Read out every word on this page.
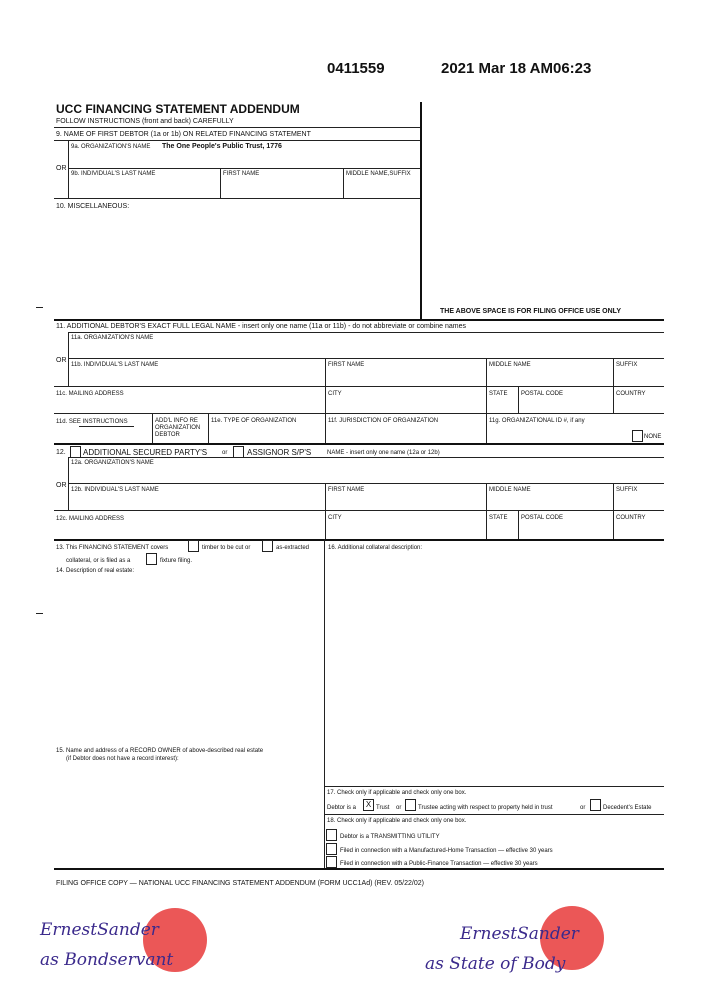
0411559	2021 Mar 18 AM06:23
UCC FINANCING STATEMENT ADDENDUM
FOLLOW INSTRUCTIONS (front and back) CAREFULLY
9. NAME OF FIRST DEBTOR (1a or 1b) ON RELATED FINANCING STATEMENT
9a. ORGANIZATION'S NAME The One People's Public Trust, 1776
OR
9b. INDIVIDUAL'S LAST NAME	FIRST NAME	MIDDLE NAME,SUFFIX
10. MISCELLANEOUS:
THE ABOVE SPACE IS FOR FILING OFFICE USE ONLY
11. ADDITIONAL DEBTOR'S EXACT FULL LEGAL NAME - insert only one name (11a or 11b) - do not abbreviate or combine names
11a. ORGANIZATION'S NAME
OR
11b. INDIVIDUAL'S LAST NAME	FIRST NAME	MIDDLE NAME	SUFFIX
11c. MAILING ADDRESS	CITY	STATE POSTAL CODE	COUNTRY
11d. SEE INSTRUCTIONS	ADD'L INFO RE
ORGANIZATION
DEBTOR
11e. TYPE OF ORGANIZATION	11f. JURISDICTION OF ORGANIZATION	11g. ORGANIZATIONAL ID #, if any
NONE
12. ADDITIONAL SECURED PARTY'S or ASSIGNOR S/P'S	NAME - insert only one name (12a or 12b)
12a. ORGANIZATION'S NAME
OR
12b. INDIVIDUAL'S LAST NAME	FIRST NAME	MIDDLE NAME	SUFFIX
12c. MAILING ADDRESS	CITY	STATE POSTAL CODE	COUNTRY
13. This FINANCING STATEMENT covers	timber to be cut or	as-extracted
collateral, or is filed as a	fixture filing.
14. Description of real estate:
15. Name and address of a RECORD OWNER of above-described real estate
(if Debtor does not have a record interest):
16. Additional collateral description:
17. Check only if applicable and check only one box.
Debtor is a	X Trust or	Trustee acting with respect to property held in trust	or	Decedent's Estate
18. Check only if applicable and check only one box.
Debtor is a TRANSMITTING UTILITY
Filed in connection with a Manufactured-Home Transaction — effective 30 years
Filed in connection with a Public-Finance Transaction — effective 30 years
FILING OFFICE COPY — NATIONAL UCC FINANCING STATEMENT ADDENDUM (FORM UCC1Ad) (REV. 05/22/02)
ErnestSander
as Bondservant
ErnestSander
as State of Body
